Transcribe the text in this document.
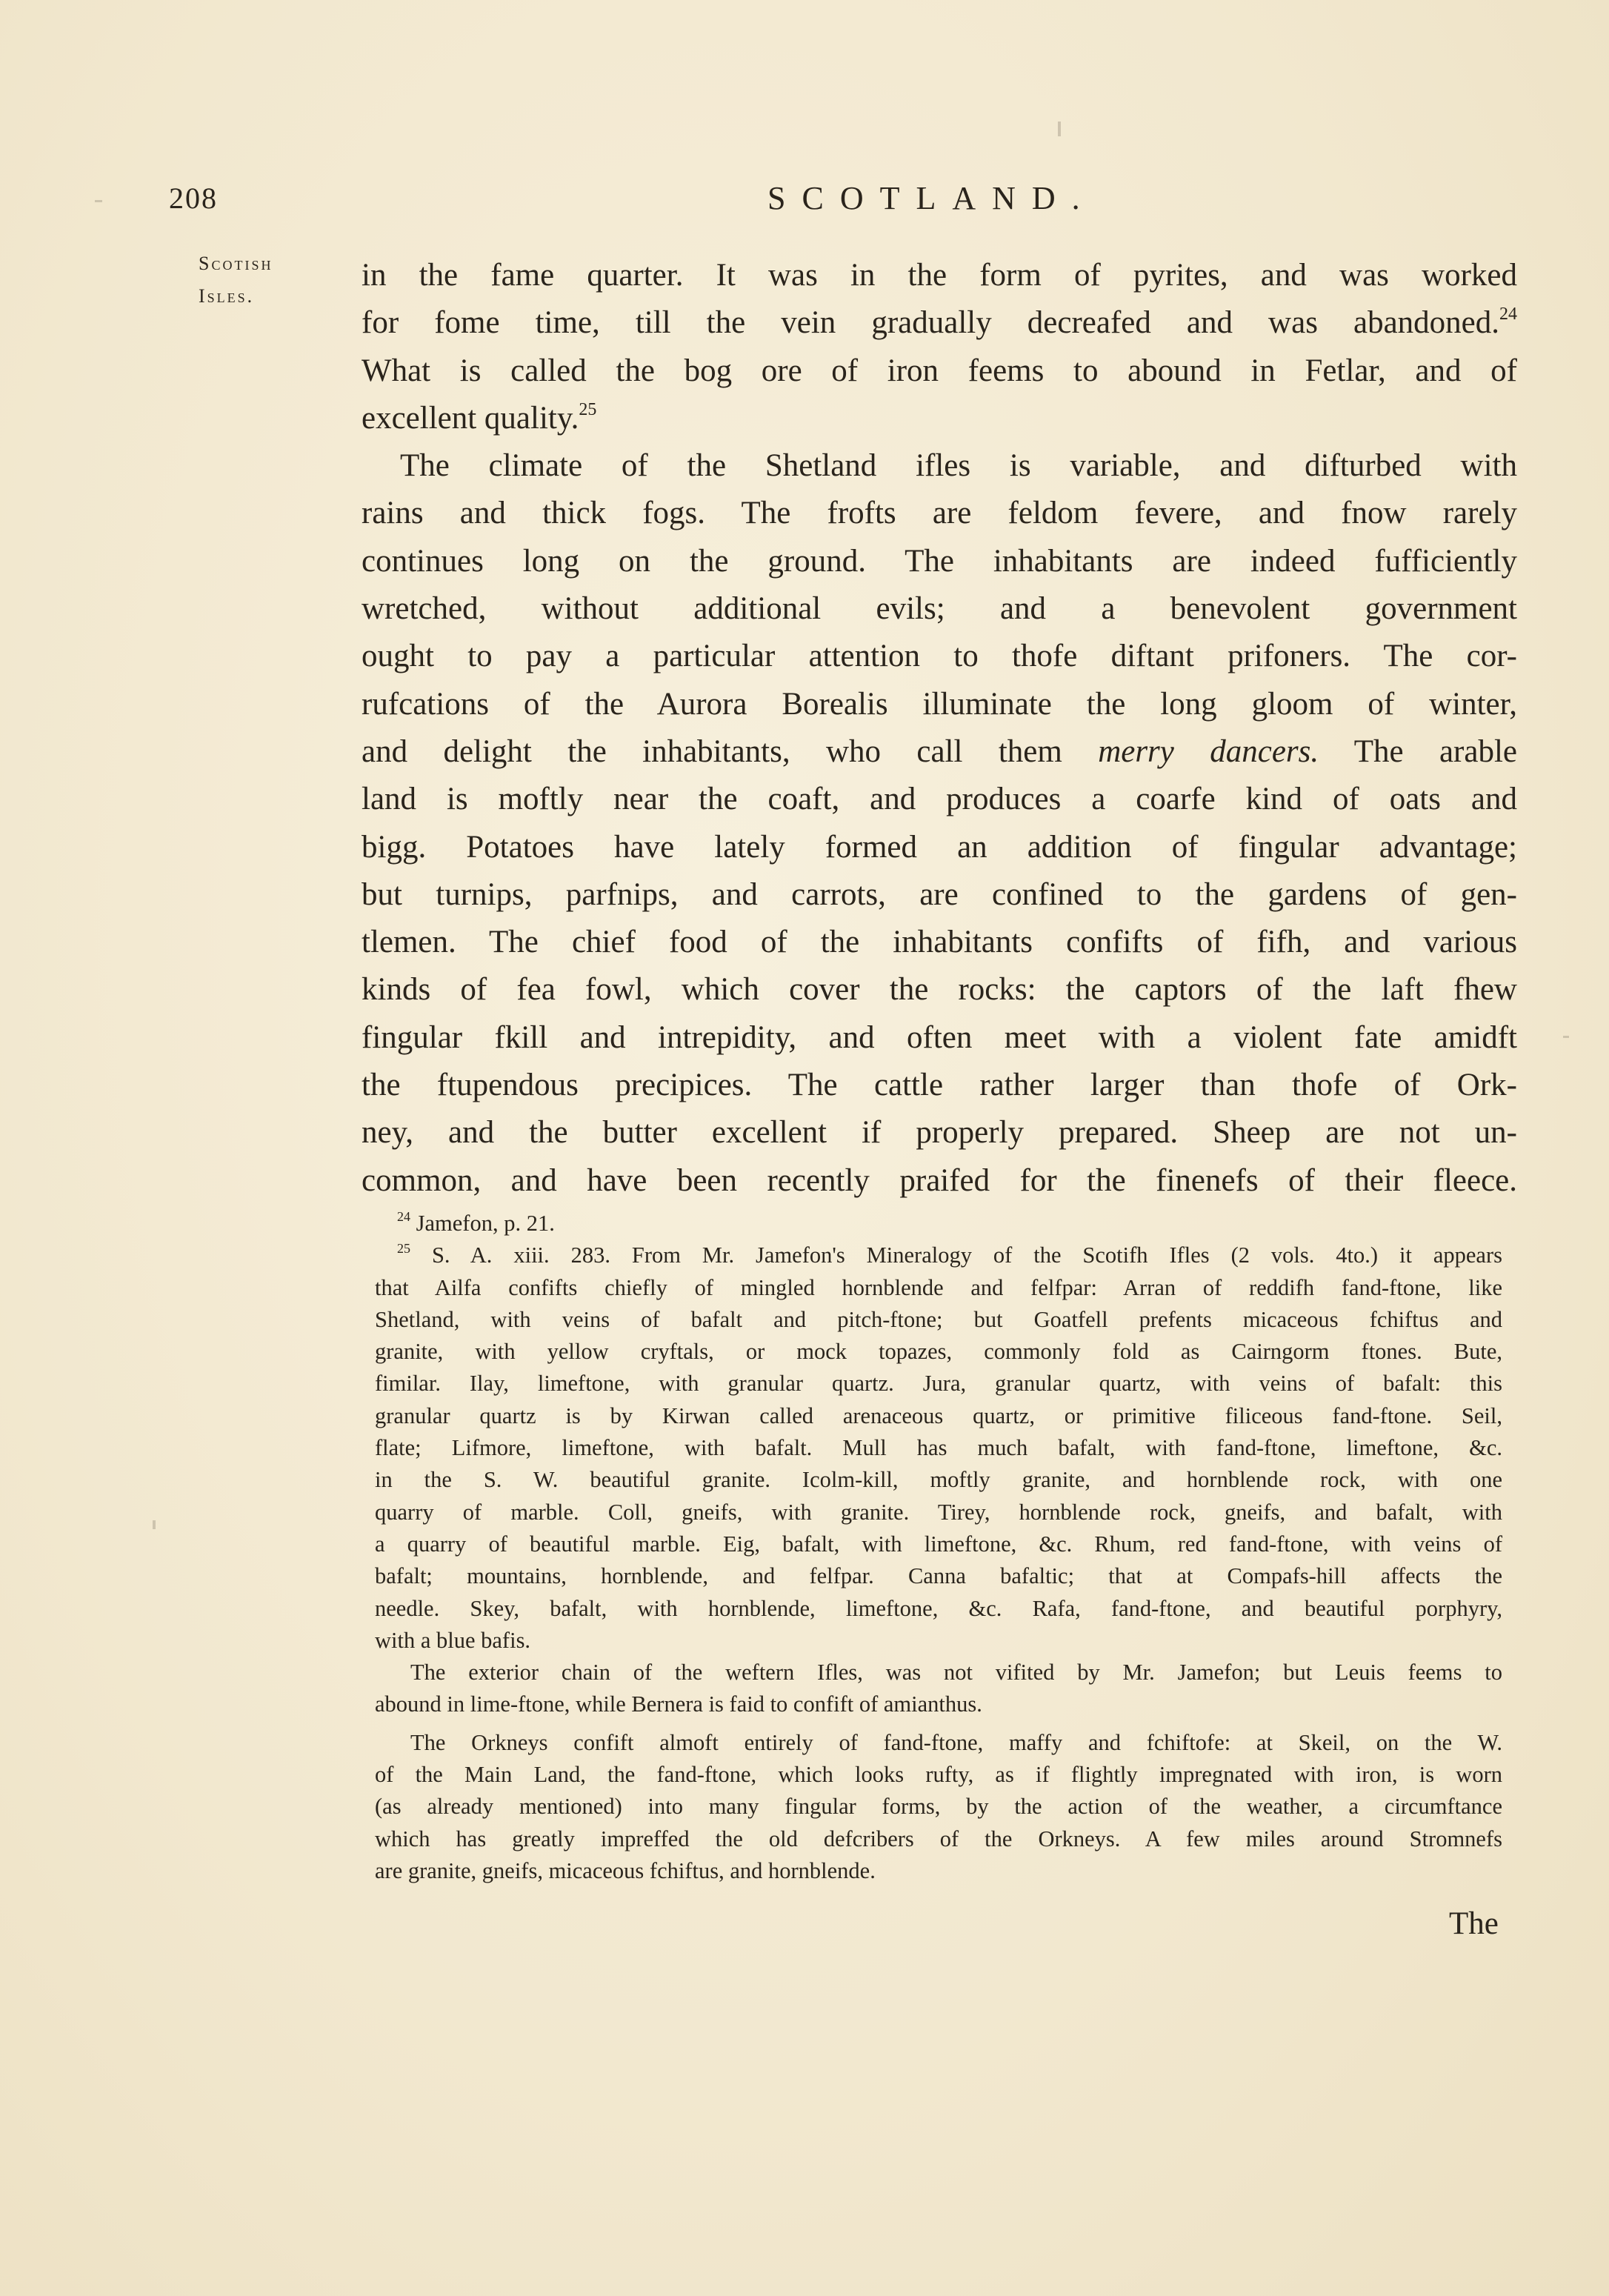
208	SCOTLAND.
Scotish
Isles.
in the fame quarter. It was in the form of pyrites, and was worked
for fome time, till the vein gradually decreafed and was abandoned.$^{24}$
What is called the bog ore of iron feems to abound in Fetlar, and of
excellent quality.$^{25}$
The climate of the Shetland ifles is variable, and difturbed with
rains and thick fogs. The frofts are feldom fevere, and fnow rarely
continues long on the ground. The inhabitants are indeed fufficiently
wretched, without additional evils; and a benevolent government
ought to pay a particular attention to thofe diftant prifoners. The cor-
rufcations of the Aurora Borealis illuminate the long gloom of winter,
and delight the inhabitants, who call them merry dancers. The arable
land is moftly near the coaft, and produces a coarfe kind of oats and
bigg. Potatoes have lately formed an addition of fingular advantage;
but turnips, parfnips, and carrots, are confined to the gardens of gen-
tlemen. The chief food of the inhabitants confifts of fifh, and various
kinds of fea fowl, which cover the rocks: the captors of the laft fhew
fingular fkill and intrepidity, and often meet with a violent fate amidft
the ftupendous precipices. The cattle rather larger than thofe of Ork-
ney, and the butter excellent if properly prepared. Sheep are not un-
common, and have been recently praifed for the finenefs of their fleece.
$^{24}$ Jamefon, p. 21.
$^{25}$ S. A. xiii. 283. From Mr. Jamefon's Mineralogy of the Scotifh Ifles (2 vols. 4to.) it appears
that Ailfa confifts chiefly of mingled hornblende and felfpar: Arran of reddifh fand-ftone, like
Shetland, with veins of bafalt and pitch-ftone; but Goatfell prefents micaceous fchiftus and
granite, with yellow cryftals, or mock topazes, commonly fold as Cairngorm ftones. Bute,
fimilar. Ilay, limeftone, with granular quartz. Jura, granular quartz, with veins of bafalt: this
granular quartz is by Kirwan called arenaceous quartz, or primitive filiceous fand-ftone. Seil,
flate; Lifmore, limeftone, with bafalt. Mull has much bafalt, with fand-ftone, limeftone, &c.
in the S. W. beautiful granite. Icolm-kill, moftly granite, and hornblende rock, with one
quarry of marble. Coll, gneifs, with granite. Tirey, hornblende rock, gneifs, and bafalt, with
a quarry of beautiful marble. Eig, bafalt, with limeftone, &c. Rhum, red fand-ftone, with veins of
bafalt; mountains, hornblende, and felfpar. Canna bafaltic; that at Compafs-hill affects the
needle. Skey, bafalt, with hornblende, limeftone, &c. Rafa, fand-ftone, and beautiful porphyry,
with a blue bafis.
The exterior chain of the weftern Ifles, was not vifited by Mr. Jamefon; but Leuis feems to
abound in lime-ftone, while Bernera is faid to confift of amianthus.
The Orkneys confift almoft entirely of fand-ftone, maffy and fchiftofe: at Skeil, on the W.
of the Main Land, the fand-ftone, which looks rufty, as if flightly impregnated with iron, is worn
(as already mentioned) into many fingular forms, by the action of the weather, a circumftance
which has greatly impreffed the old defcribers of the Orkneys. A few miles around Stromnefs
are granite, gneifs, micaceous fchiftus, and hornblende.
The
